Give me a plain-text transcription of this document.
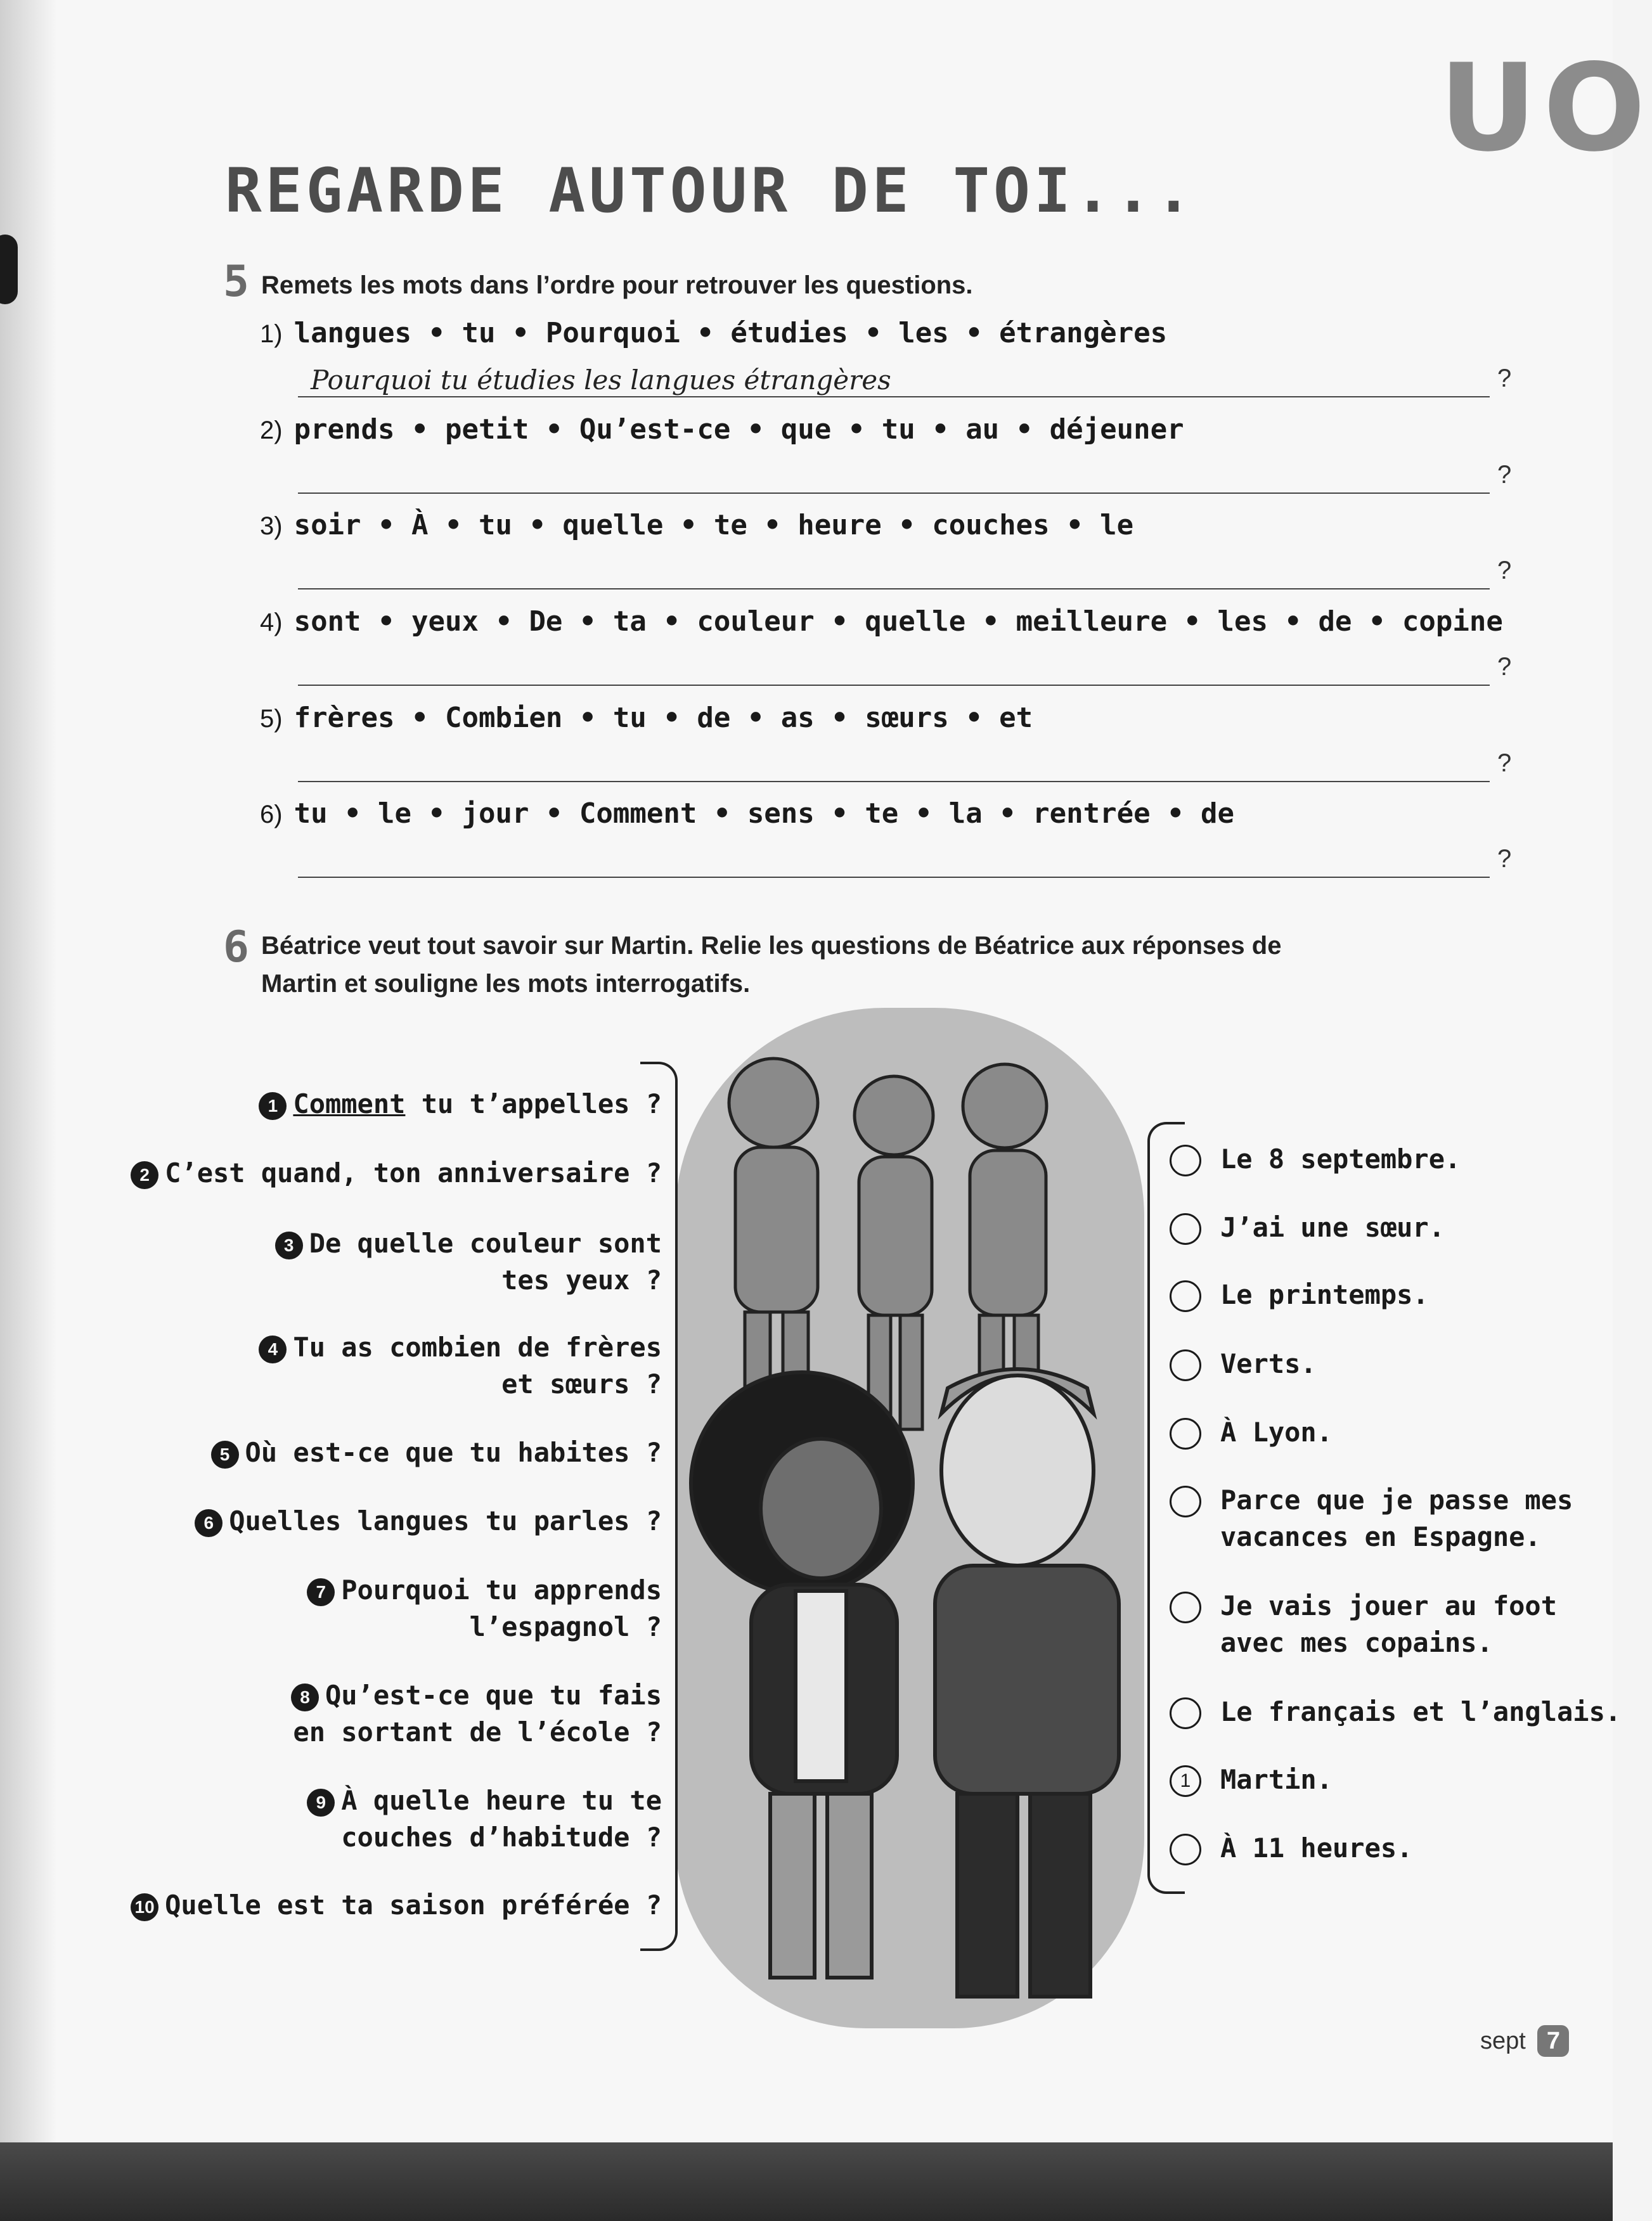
UO
REGARDE AUTOUR DE TOI...
5 Remets les mots dans l’ordre pour retrouver les questions.
1) langues • tu • Pourquoi • étudies • les • étrangères
Pourquoi tu étudies les langues étrangères	?
2) prends • petit • Qu’est-ce • que • tu • au • déjeuner
?
3) soir • À • tu • quelle • te • heure • couches • le
?
4) sont • yeux • De • ta • couleur • quelle • meilleure • les • de • copine
?
5) frères • Combien • tu • de • as • sœurs • et
?
6) tu • le • jour • Comment • sens • te • la • rentrée • de
?
6 Béatrice veut tout savoir sur Martin. Relie les questions de Béatrice aux réponses de
Martin et souligne les mots interrogatifs.
1 Comment tu t’appelles ?
2 C’est quand, ton anniversaire ?
3 De quelle couleur sont
tes yeux ?
4 Tu as combien de frères
et sœurs ?
5 Où est-ce que tu habites ?
6 Quelles langues tu parles ?
7 Pourquoi tu apprends
l’espagnol ?
8 Qu’est-ce que tu fais
en sortant de l’école ?
9 À quelle heure tu te
couches d’habitude ?
10 Quelle est ta saison préférée ?
Le 8 septembre.
J’ai une sœur.
Le printemps.
Verts.
À Lyon.
Parce que je passe mes
vacances en Espagne.
Je vais jouer au foot
avec mes copains.
Le français et l’anglais.
1	Martin.
À 11 heures.
sept 7
